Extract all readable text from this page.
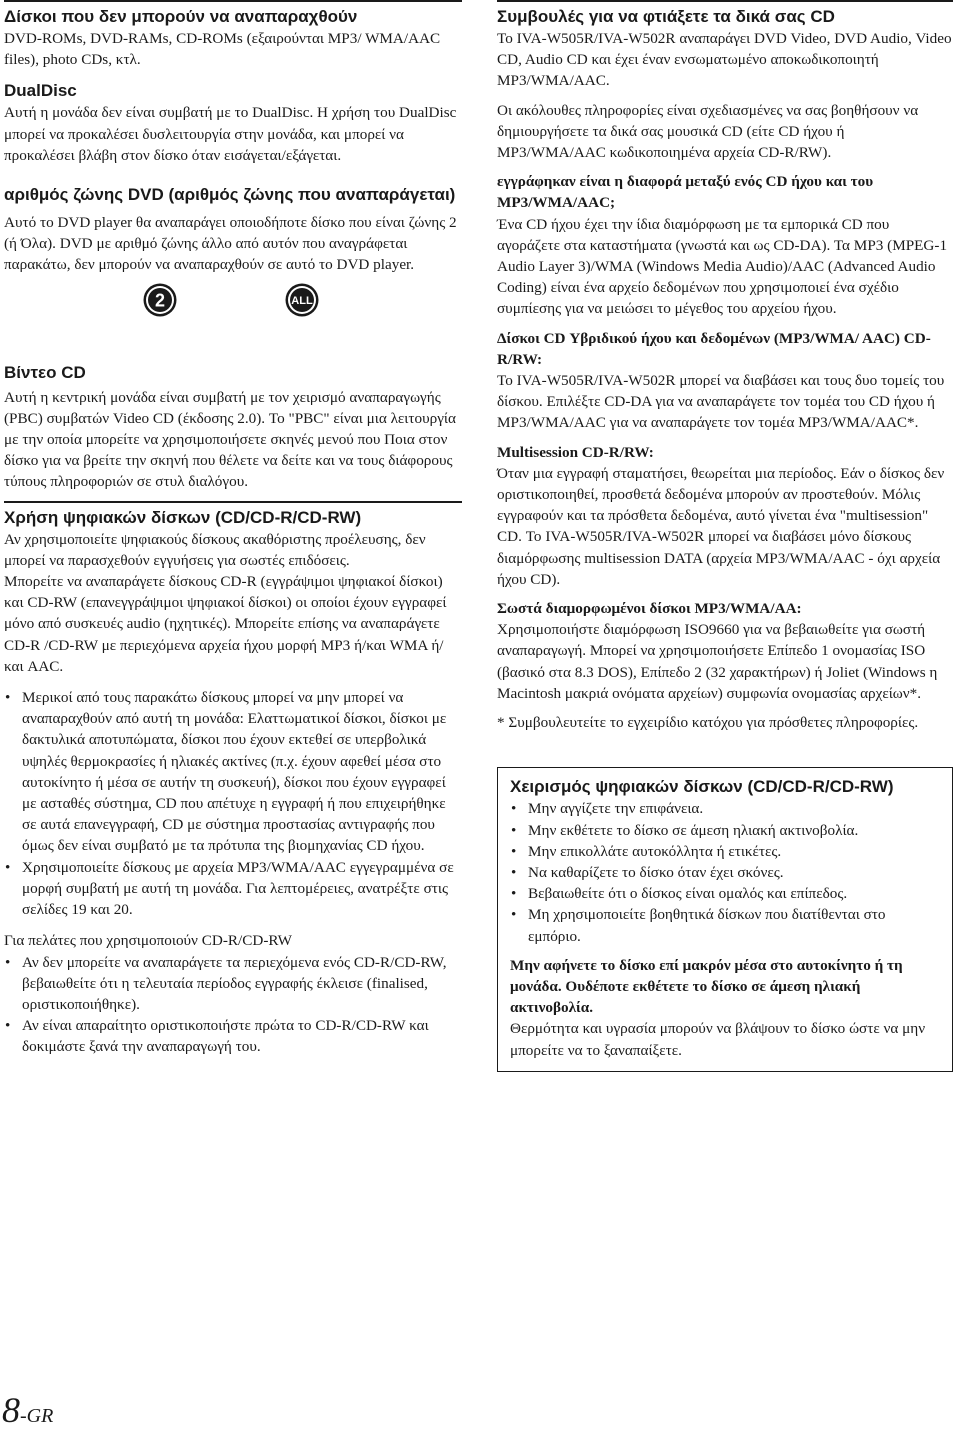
Δίσκοι που δεν μπορούν να αναπαραχθούν

DVD-ROMs, DVD-RAMs, CD-ROMs (εξαιρούνται MP3/ WMA/AAC files), photo CDs, κτλ.

DualDisc

Αυτή η μονάδα δεν είναι συμβατή με το DualDisc. Η χρήση του DualDisc μπορεί να προκαλέσει δυσλειτουργία στην μονάδα, και μπορεί να προκαλέσει βλάβη στον δίσκο όταν εισάγεται/εξάγεται.

αριθμός ζώνης DVD (αριθμός ζώνης που αναπαράγεται)

Αυτό το DVD player θα αναπαράγει οποιοδήποτε δίσκο που είναι ζώνης 2 (ή Όλα). DVD με αριθμό ζώνης άλλο από αυτόν που αναγράφεται παρακάτω, δεν μπορούν να αναπαραχθούν σε αυτό το DVD player.

2	ALL
Βίντεο CD

Αυτή η κεντρική μονάδα είναι συμβατή με τον χειρισμό αναπαραγωγής (PBC) συμβατών Video CD (έκδοσης 2.0). Το "PBC" είναι μια λειτουργία με την οποία μπορείτε να χρησιμοποιήσετε σκηνές μενού που Ποια στον δίσκο για να βρείτε την σκηνή που θέλετε να δείτε και να τους διάφορους τύπους πληροφοριών σε στυλ διαλόγου.

Χρήση ψηφιακών δίσκων (CD/CD-R/CD-RW)

Αν χρησιμοποιείτε ψηφιακούς δίσκους ακαθόριστης προέλευσης, δεν μπορεί να παρασχεθούν εγγυήσεις για σωστές επιδόσεις.

Μπορείτε να αναπαράγετε δίσκους CD-R (εγγράψιμοι ψηφιακοί δίσκοι) και CD-RW (επανεγγράψιμοι ψηφιακοί δίσκοι) οι οποίοι έχουν εγγραφεί μόνο από συσκευές audio (ηχητικές). Μπορείτε επίσης να αναπαράγετε CD-R /CD-RW με περιεχόμενα αρχεία ήχου μορφή MP3 ή/και WMA ή/ και AAC.

• Μερικοί από τους παρακάτω δίσκους μπορεί να μην μπορεί να αναπαραχθούν από αυτή τη μονάδα: Ελαττωματικοί δίσκοι, δίσκοι με δακτυλικά αποτυπώματα, δίσκοι που έχουν εκτεθεί σε υπερβολικά υψηλές θερμοκρασίες ή ηλιακές ακτίνες (π.χ. έχουν αφεθεί μέσα στο αυτοκίνητο ή μέσα σε αυτήν τη συσκευή), δίσκοι που έχουν εγγραφεί με ασταθές σύστημα, CD που απέτυχε η εγγραφή ή που επιχειρήθηκε σε αυτά επανεγγραφή, CD με σύστημα προστασίας αντιγραφής που όμως δεν είναι συμβατό με τα πρότυπα της βιομηχανίας CD ήχου.
• Χρησιμοποιείτε δίσκους με αρχεία MP3/WMA/AAC εγγεγραμμένα σε μορφή συμβατή με αυτή τη μονάδα. Για λεπτομέρειες, ανατρέξτε στις σελίδες 19 και 20.

Για πελάτες που χρησιμοποιούν CD-R/CD-RW

• Αν δεν μπορείτε να αναπαράγετε τα περιεχόμενα ενός CD-R/CD-RW, βεβαιωθείτε ότι η τελευταία περίοδος εγγραφής έκλεισε (finalised, οριστικοποιήθηκε).
• Αν είναι απαραίτητο οριστικοποιήστε πρώτα το CD-R/CD-RW και δοκιμάστε ξανά την αναπαραγωγή του.
Συμβουλές για να φτιάξετε τα δικά σας CD

Το IVA-W505R/IVA-W502R αναπαράγει DVD Video, DVD Audio, Video CD, Audio CD και έχει έναν ενσωματωμένο αποκωδικοποιητή MP3/WMA/AAC.

Οι ακόλουθες πληροφορίες είναι σχεδιασμένες να σας βοηθήσουν να δημιουργήσετε τα δικά σας μουσικά CD (είτε CD ήχου ή MP3/WMA/AAC κωδικοποιημένα αρχεία CD-R/RW).

εγγράφηκαν είναι η διαφορά μεταξύ ενός CD ήχου και του MP3/WMA/AAC;

Ένα CD ήχου έχει την ίδια διαμόρφωση με τα εμπορικά CD που αγοράζετε στα καταστήματα (γνωστά και ως CD-DA). Τα MP3 (MPEG-1 Audio Layer 3)/WMA (Windows Media Audio)/AAC (Advanced Audio Coding) είναι ένα αρχείο δεδομένων που χρησιμοποιεί ένα σχέδιο συμπίεσης για να μειώσει το μέγεθος του αρχείου ήχου.

Δίσκοι CD Υβριδικού ήχου και δεδομένων (MP3/WMA/ AAC) CD-R/RW:

Το IVA-W505R/IVA-W502R μπορεί να διαβάσει και τους δυο τομείς του δίσκου. Επιλέξτε CD-DA για να αναπαράγετε τον τομέα του CD ήχου ή MP3/WMA/AAC για να αναπαράγετε τον τομέα MP3/WMA/AAC*.

Multisession CD-R/RW:

Όταν μια εγγραφή σταματήσει, θεωρείται μια περίοδος. Εάν ο δίσκος δεν οριστικοποιηθεί, προσθετά δεδομένα μπορούν αν προστεθούν. Μόλις εγγραφούν και τα πρόσθετα δεδομένα, αυτό γίνεται ένα "multisession" CD. Το IVA-W505R/IVA-W502R μπορεί να διαβάσει μόνο δίσκους διαμόρφωσης multisession DATA (αρχεία MP3/WMA/AAC - όχι αρχεία ήχου CD).

Σωστά διαμορφωμένοι δίσκοι MP3/WMA/AA:

Χρησιμοποιήστε διαμόρφωση ISO9660 για να βεβαιωθείτε για σωστή αναπαραγωγή. Μπορεί να χρησιμοποιήσετε Επίπεδο 1 ονομασίας ISO (βασικό στα 8.3 DOS), Επίπεδο 2 (32 χαρακτήρων) ή Joliet (Windows η Macintosh μακριά ονόματα αρχείων) συμφωνία ονομασίας αρχείων*.

* Συμβουλευτείτε το εγχειρίδιο κατόχου για πρόσθετες πληροφορίες.

Χειρισμός ψηφιακών δίσκων (CD/CD-R/CD-RW)
• Μην αγγίζετε την επιφάνεια.
• Μην εκθέτετε το δίσκο σε άμεση ηλιακή ακτινοβολία.
• Μην επικολλάτε αυτοκόλλητα ή ετικέτες.
• Να καθαρίζετε το δίσκο όταν έχει σκόνες.
• Βεβαιωθείτε ότι ο δίσκος είναι ομαλός και επίπεδος.
• Μη χρησιμοποιείτε βοηθητικά δίσκων που διατίθενται στο εμπόριο.

Μην αφήνετε το δίσκο επί μακρόν μέσα στο αυτοκίνητο ή τη μονάδα. Ουδέποτε εκθέτετε το δίσκο σε άμεση ηλιακή ακτινοβολία.

Θερμότητα και υγρασία μπορούν να βλάψουν το δίσκο ώστε να μην μπορείτε να το ξαναπαίξετε.

8-GR
